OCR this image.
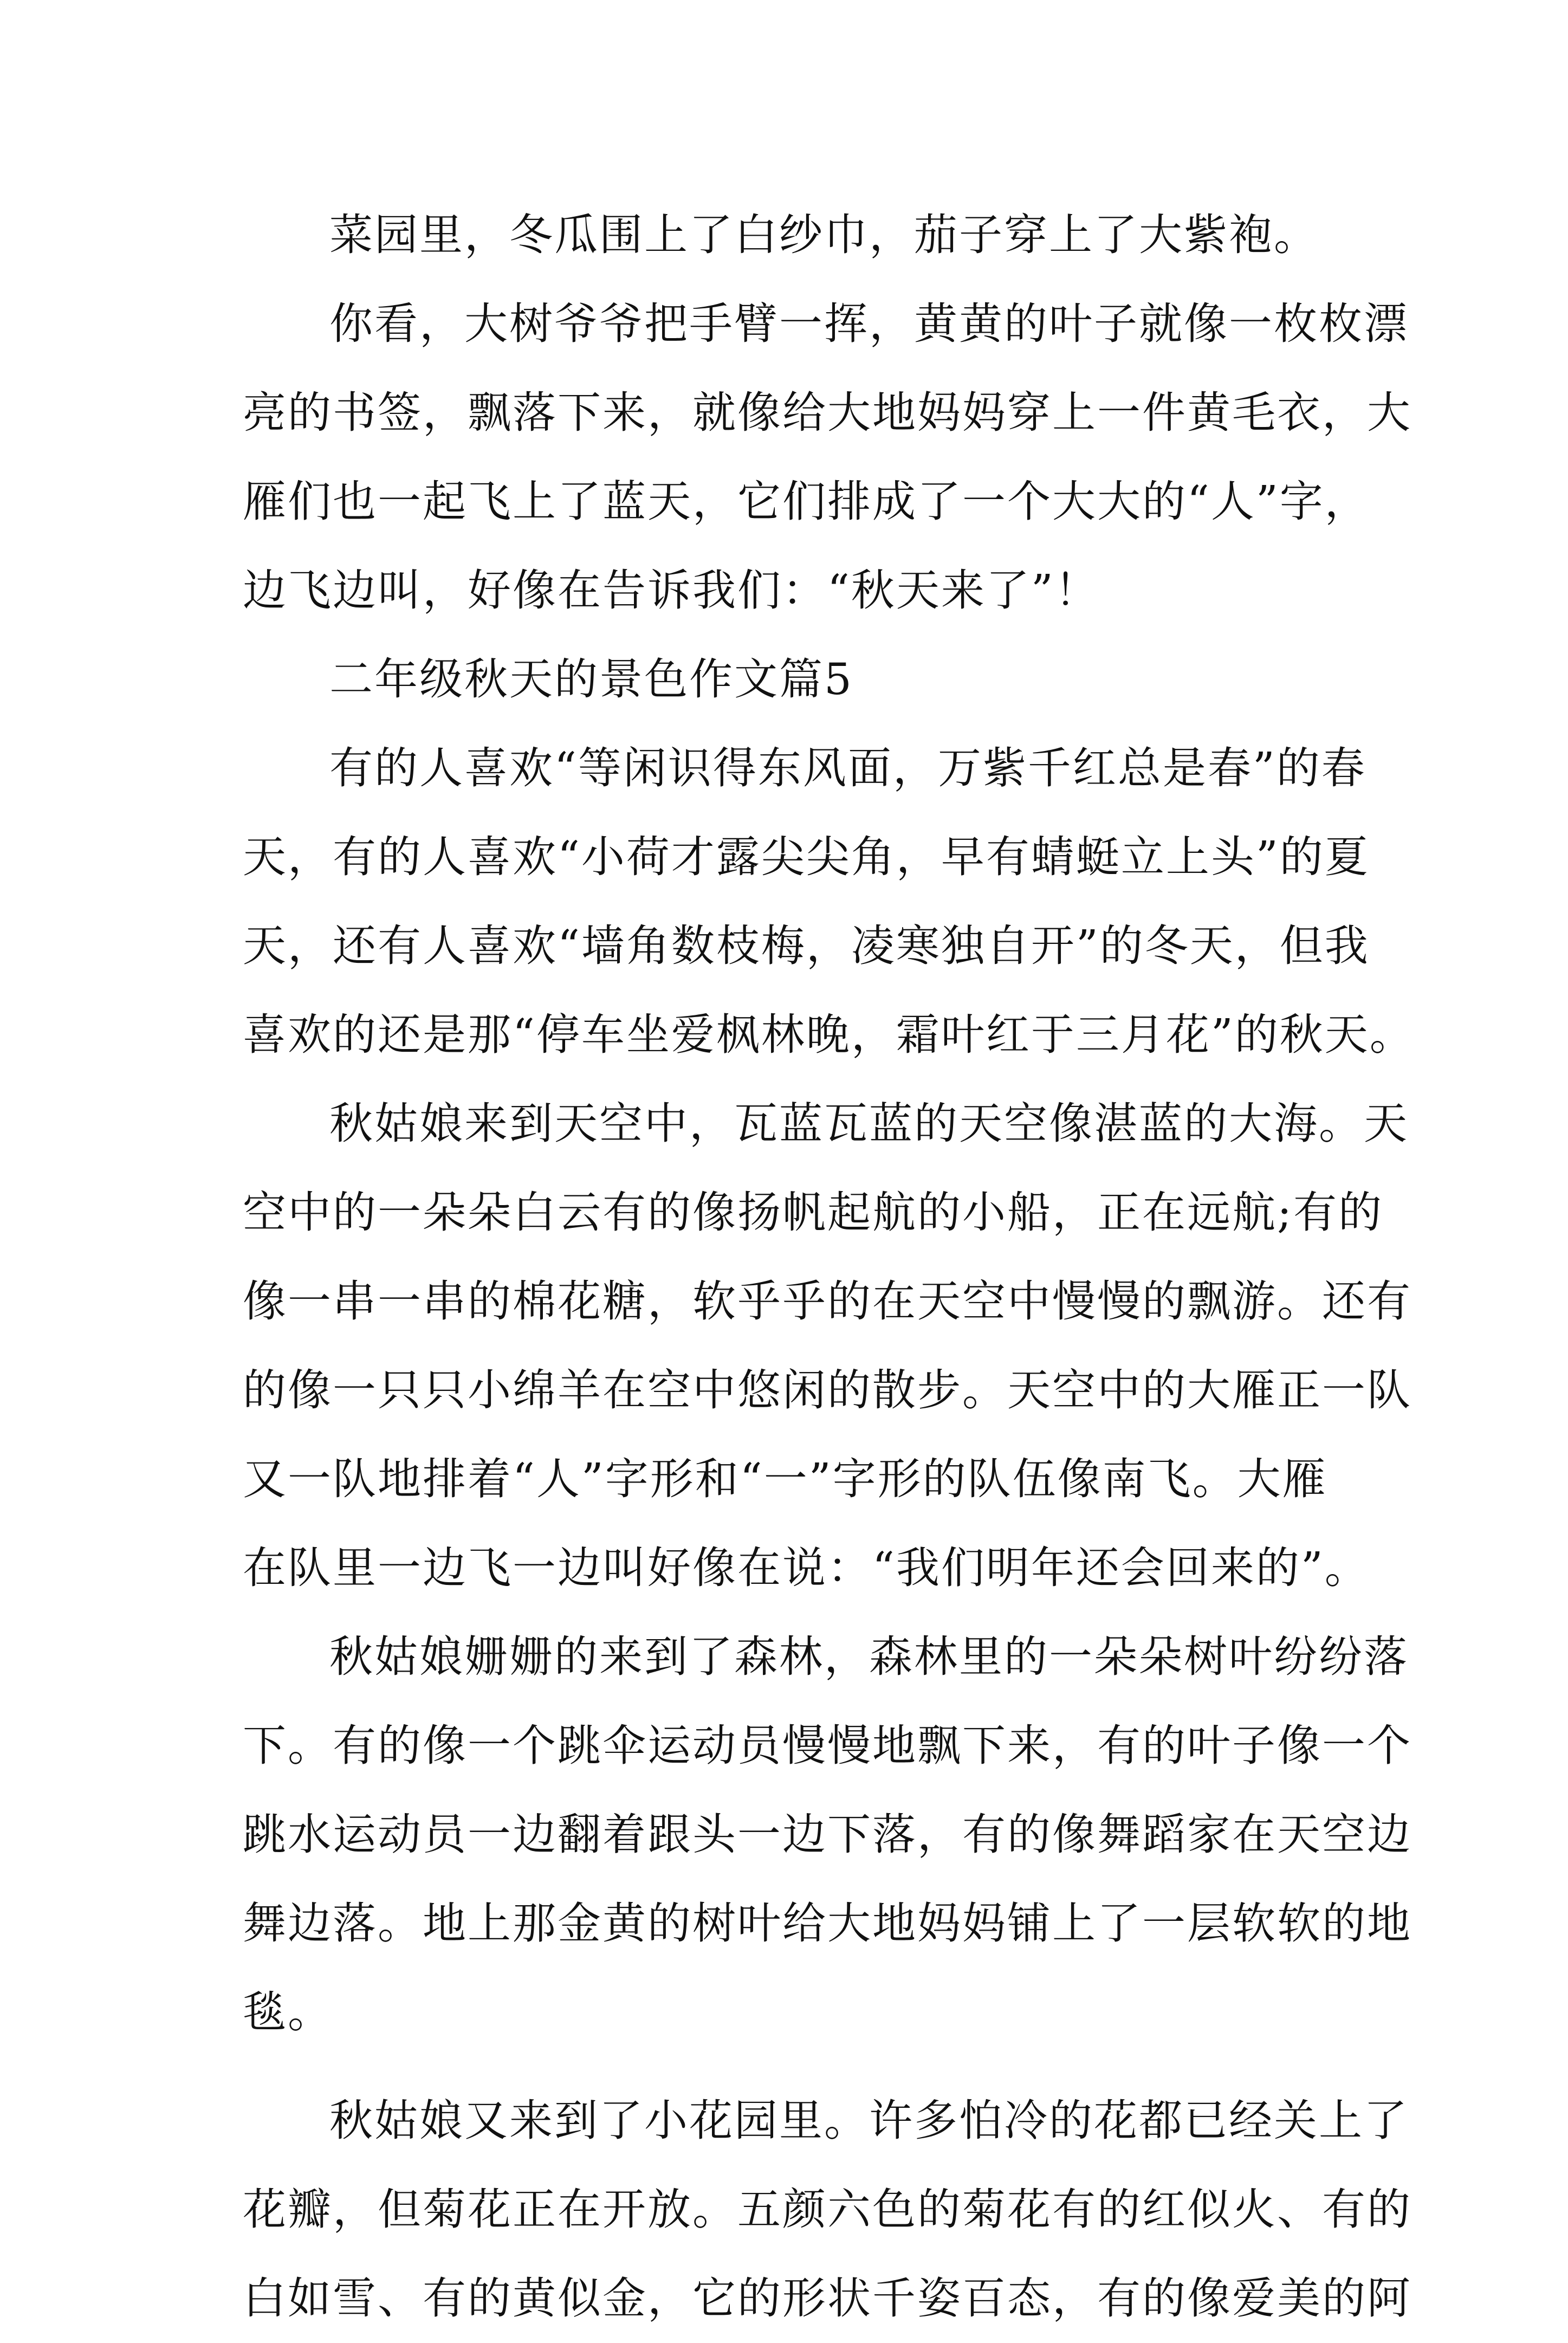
菜园里，冬瓜围上了白纱巾，茄子穿上了大紫袍。
你看，大树爷爷把手臂一挥，黄黄的叶子就像一枚枚漂
亮的书签，飘落下来，就像给大地妈妈穿上一件黄毛衣，大
雁们也一起飞上了蓝天，它们排成了一个大大的“人”字，
边飞边叫，好像在告诉我们：“秋天来了”！
二年级秋天的景色作文篇5
有的人喜欢“等闲识得东风面，万紫千红总是春”的春
天，有的人喜欢“小荷才露尖尖角，早有蜻蜓立上头”的夏
天，还有人喜欢“墙角数枝梅，凌寒独自开”的冬天，但我
喜欢的还是那“停车坐爱枫林晚，霜叶红于三月花”的秋天。
秋姑娘来到天空中，瓦蓝瓦蓝的天空像湛蓝的大海。天
空中的一朵朵白云有的像扬帆起航的小船，正在远航;有的
像一串一串的棉花糖，软乎乎的在天空中慢慢的飘游。还有
的像一只只小绵羊在空中悠闲的散步。天空中的大雁正一队
又一队地排着“人”字形和“一”字形的队伍像南飞。大雁
在队里一边飞一边叫好像在说：“我们明年还会回来的”。
秋姑娘姗姗的来到了森林，森林里的一朵朵树叶纷纷落
下。有的像一个跳伞运动员慢慢地飘下来，有的叶子像一个
跳水运动员一边翻着跟头一边下落，有的像舞蹈家在天空边
舞边落。地上那金黄的树叶给大地妈妈铺上了一层软软的地
毯。
秋姑娘又来到了小花园里。许多怕冷的花都已经关上了
花瓣，但菊花正在开放。五颜六色的菊花有的红似火、有的
白如雪、有的黄似金，它的形状千姿百态，有的像爱美的阿
